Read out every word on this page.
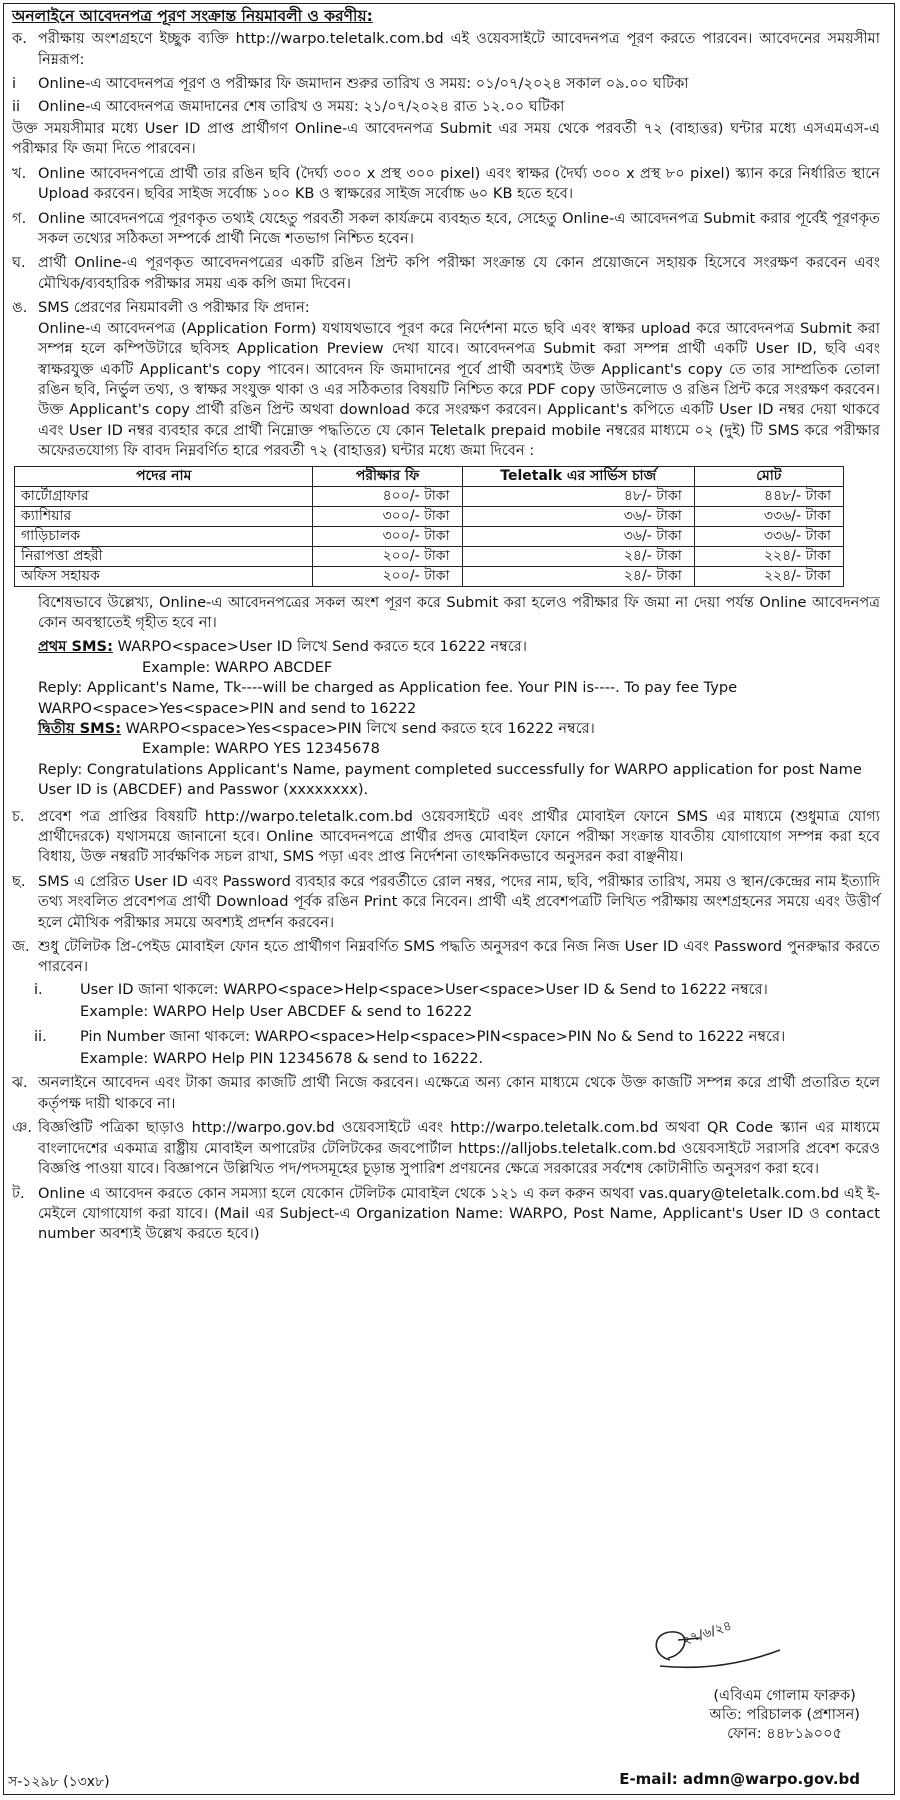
অনলাইনে আবেদনপত্র পূরণ সংক্রান্ত নিয়মাবলী ও করণীয়:
ক. পরীক্ষায় অংশগ্রহণে ইচ্ছুক ব্যক্তি http://warpo.teletalk.com.bd এই ওয়েবসাইটে আবেদনপত্র পূরণ করতে পারবেন। আবেদনের সময়সীমা নিম্নরূপ:

i	Online-এ আবেদনপত্র পূরণ ও পরীক্ষার ফি জমাদান শুরুর তারিখ ও সময়: ০১/০৭/২০২৪ সকাল ০৯.০০ ঘটিকা
ii	Online-এ আবেদনপত্র জমাদানের শেষ তারিখ ও সময়: ২১/০৭/২০২৪ রাত ১২.০০ ঘটিকা
উক্ত সময়সীমার মধ্যে User ID প্রাপ্ত প্রার্থীগণ Online-এ আবেদনপত্র Submit এর সময় থেকে পরবর্তী ৭২ (বাহাত্তর) ঘন্টার মধ্যে এসএমএস-এ পরীক্ষার ফি জমা দিতে পারবেন।
খ. Online আবেদনপত্রে প্রার্থী তার রঙিন ছবি (দৈর্ঘ্য ৩০০ x প্রস্থ ৩০০ pixel) এবং স্বাক্ষর (দৈর্ঘ্য ৩০০ x প্রস্থ ৮০ pixel) স্ক্যান করে নির্ধারিত স্থানে Upload করবেন। ছবির সাইজ সর্বোচ্চ ১০০ KB ও স্বাক্ষরের সাইজ সর্বোচ্চ ৬০ KB হতে হবে।
গ. Online আবেদনপত্রে পূরণকৃত তথ্যই যেহেতু পরবর্তী সকল কার্যক্রমে ব্যবহৃত হবে, সেহেতু Online-এ আবেদনপত্র Submit করার পূর্বেই পূরণকৃত সকল তথ্যের সঠিকতা সম্পর্কে প্রার্থী নিজে শতভাগ নিশ্চিত হবেন।
ঘ. প্রার্থী Online-এ পূরণকৃত আবেদনপত্রের একটি রঙিন প্রিন্ট কপি পরীক্ষা সংক্রান্ত যে কোন প্রয়োজনে সহায়ক হিসেবে সংরক্ষণ করবেন এবং মৌখিক/ব্যবহারিক পরীক্ষার সময় এক কপি জমা দিবেন।
ঙ. SMS প্রেরণের নিয়মাবলী ও পরীক্ষার ফি প্রদান:
Online-এ আবেদনপত্র (Application Form) যথাযথভাবে পূরণ করে নির্দেশনা মতে ছবি এবং স্বাক্ষর upload করে আবেদনপত্র Submit করা সম্পন্ন হলে কম্পিউটারে ছবিসহ Application Preview দেখা যাবে। আবেদনপত্র Submit করা সম্পন্ন প্রার্থী একটি User ID, ছবি এবং স্বাক্ষরযুক্ত একটি Applicant's copy পাবেন। আবেদন ফি জমাদানের পূর্বে প্রার্থী অবশ্যই উক্ত Applicant's copy তে তার সাম্প্রতিক তোলা রঙিন ছবি, নির্ভুল তথ্য, ও স্বাক্ষর সংযুক্ত থাকা ও এর সঠিকতার বিষয়টি নিশ্চিত করে PDF copy ডাউনলোড ও রঙিন প্রিন্ট করে সংরক্ষণ করবেন। উক্ত Applicant's copy প্রার্থী রঙিন প্রিন্ট অথবা download করে সংরক্ষণ করবেন। Applicant's কপিতে একটি User ID নম্বর দেয়া থাকবে এবং User ID নম্বর ব্যবহার করে প্রার্থী নিম্নোক্ত পদ্ধতিতে যে কোন Teletalk prepaid mobile নম্বরের মাধ্যমে ০২ (দুই) টি SMS করে পরীক্ষার অফেরতযোগ্য ফি বাবদ নিম্নবর্ণিত হারে পরবর্তী ৭২ (বাহাত্তর) ঘন্টার মধ্যে জমা দিবেন :
পদের নাম	পরীক্ষার ফি	Teletalk এর সার্ভিস চার্জ	মোট
কার্টোগ্রাফার	৪০০/- টাকা	৪৮/- টাকা	৪৪৮/- টাকা
ক্যাশিয়ার	৩০০/- টাকা	৩৬/- টাকা	৩৩৬/- টাকা
গাড়িচালক	৩০০/- টাকা	৩৬/- টাকা	৩৩৬/- টাকা
নিরাপত্তা প্রহরী	২০০/- টাকা	২৪/- টাকা	২২৪/- টাকা
অফিস সহায়ক	২০০/- টাকা	২৪/- টাকা	২২৪/- টাকা
বিশেষভাবে উল্লেখ্য, Online-এ আবেদনপত্রের সকল অংশ পূরণ করে Submit করা হলেও পরীক্ষার ফি জমা না দেয়া পর্যন্ত Online আবেদনপত্র কোন অবস্থাতেই গৃহীত হবে না।
প্রথম SMS: WARPO<space>User ID লিখে Send করতে হবে 16222 নম্বরে।
Example: WARPO ABCDEF
Reply: Applicant's Name, Tk----will be charged as Application fee. Your PIN is----. To pay fee Type WARPO<space>Yes<space>PIN and send to 16222
দ্বিতীয় SMS: WARPO<space>Yes<space>PIN লিখে send করতে হবে 16222 নম্বরে।
Example: WARPO YES 12345678
Reply: Congratulations Applicant's Name, payment completed successfully for WARPO application for post Name User ID is (ABCDEF) and Passwor (xxxxxxxx).
চ. প্রবেশ পত্র প্রাপ্তির বিষয়টি http://warpo.teletalk.com.bd ওয়েবসাইটে এবং প্রার্থীর মোবাইল ফোনে SMS এর মাধ্যমে (শুধুমাত্র যোগ্য প্রার্থীদেরকে) যথাসময়ে জানানো হবে। Online আবেদনপত্রে প্রার্থীর প্রদত্ত মোবাইল ফোনে পরীক্ষা সংক্রান্ত যাবতীয় যোগাযোগ সম্পন্ন করা হবে বিধায়, উক্ত নম্বরটি সার্বক্ষণিক সচল রাখা, SMS পড়া এবং প্রাপ্ত নির্দেশনা তাৎক্ষনিকভাবে অনুসরন করা বাঞ্ছনীয়।
ছ. SMS এ প্রেরিত User ID এবং Password ব্যবহার করে পরবর্তীতে রোল নম্বর, পদের নাম, ছবি, পরীক্ষার তারিখ, সময় ও স্থান/কেন্দ্রের নাম ইত্যাদি তথ্য সংবলিত প্রবেশপত্র প্রার্থী Download পূর্বক রঙিন Print করে নিবেন। প্রার্থী এই প্রবেশপত্রটি লিখিত পরীক্ষায় অংশগ্রহনের সময়ে এবং উত্তীর্ণ হলে মৌখিক পরীক্ষার সময়ে অবশ্যই প্রদর্শন করবেন।
জ. শুধু টেলিটক প্রি-পেইড মোবাইল ফোন হতে প্রার্থীগণ নিম্নবর্ণিত SMS পদ্ধতি অনুসরণ করে নিজ নিজ User ID এবং Password পুনরুদ্ধার করতে পারবেন।
i.	User ID জানা থাকলে: WARPO<space>Help<space>User<space>User ID & Send to 16222 নম্বরে।
Example: WARPO Help User ABCDEF & send to 16222
ii.	Pin Number জানা থাকলে: WARPO<space>Help<space>PIN<space>PIN No & Send to 16222 নম্বরে।
Example: WARPO Help PIN 12345678 & send to 16222.
ঝ. অনলাইনে আবেদন এবং টাকা জমার কাজটি প্রার্থী নিজে করবেন। এক্ষেত্রে অন্য কোন মাধ্যমে থেকে উক্ত কাজটি সম্পন্ন করে প্রার্থী প্রতারিত হলে কর্তৃপক্ষ দায়ী থাকবে না।
ঞ. বিজ্ঞপ্তিটি পত্রিকা ছাড়াও http://warpo.gov.bd ওয়েবসাইটে এবং http://warpo.teletalk.com.bd অথবা QR Code স্ক্যান এর মাধ্যমে বাংলাদেশের একমাত্র রাষ্ট্রীয় মোবাইল অপারেটর টেলিটকের জবপোর্টাল https://alljobs.teletalk.com.bd ওয়েবসাইটে সরাসরি প্রবেশ করেও বিজ্ঞপ্তি পাওয়া যাবে। বিজ্ঞাপনে উল্লিখিত পদ/পদসমূহের চূড়ান্ত সুপারিশ প্রণয়নের ক্ষেত্রে সরকারের সর্বশেষ কোটানীতি অনুসরণ করা হবে।
ট. Online এ আবেদন করতে কোন সমস্যা হলে যেকোন টেলিটক মোবাইল থেকে ১২১ এ কল করুন অথবা vas.quary@teletalk.com.bd এই ই-মেইলে যোগাযোগ করা যাবে। (Mail এর Subject-এ Organization Name: WARPO, Post Name, Applicant's User ID ও contact number অবশ্যই উল্লেখ করতে হবে।)
২৭/৬/২৪
(এবিএম গোলাম ফারুক)
অতি: পরিচালক (প্রশাসন)
ফোন: ৪৪৮১৯০০৫
স-১২৯৮ (১৩x৮)	E-mail: admn@warpo.gov.bd
